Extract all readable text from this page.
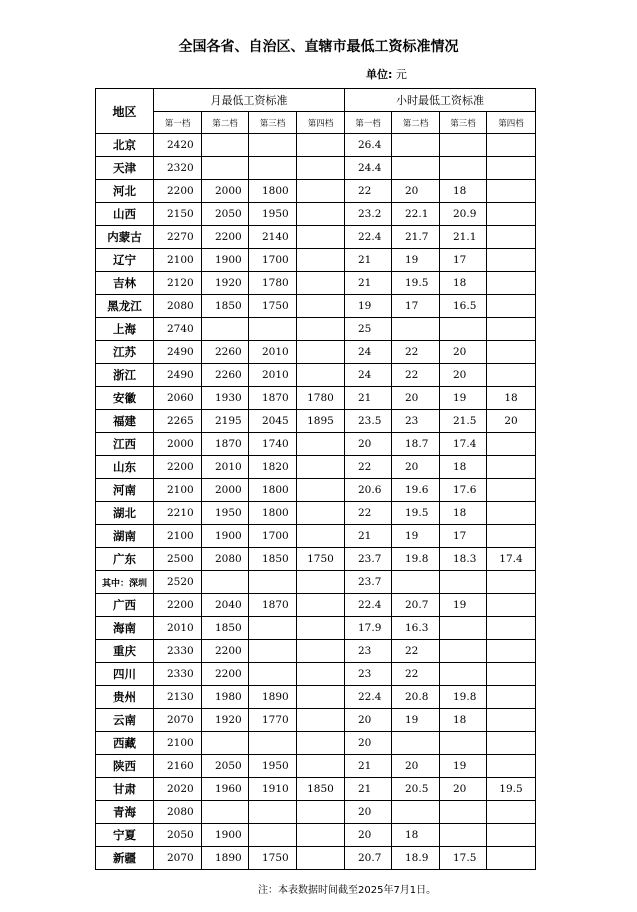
全国各省、自治区、直辖市最低工资标准情况
单位: 元
地区	月最低工资标准				小时最低工资标准			
	第一档	第二档	第三档	第四档	第一档	第二档	第三档	第四档
北京	2420				26.4			
天津	2320				24.4			
河北	2200	2000	1800		22	20	18	
山西	2150	2050	1950		23.2	22.1	20.9	
内蒙古	2270	2200	2140		22.4	21.7	21.1	
辽宁	2100	1900	1700		21	19	17	
吉林	2120	1920	1780		21	19.5	18	
黑龙江	2080	1850	1750		19	17	16.5	
上海	2740				25			
江苏	2490	2260	2010		24	22	20	
浙江	2490	2260	2010		24	22	20	
安徽	2060	1930	1870	1780	21	20	19	18
福建	2265	2195	2045	1895	23.5	23	21.5	20
江西	2000	1870	1740		20	18.7	17.4	
山东	2200	2010	1820		22	20	18	
河南	2100	2000	1800		20.6	19.6	17.6	
湖北	2210	1950	1800		22	19.5	18	
湖南	2100	1900	1700		21	19	17	
广东	2500	2080	1850	1750	23.7	19.8	18.3	17.4
其中：深圳	2520				23.7			
广西	2200	2040	1870		22.4	20.7	19	
海南	2010	1850			17.9	16.3		
重庆	2330	2200			23	22		
四川	2330	2200			23	22		
贵州	2130	1980	1890		22.4	20.8	19.8	
云南	2070	1920	1770		20	19	18	
西藏	2100				20			
陕西	2160	2050	1950		21	20	19	
甘肃	2020	1960	1910	1850	21	20.5	20	19.5
青海	2080				20			
宁夏	2050	1900			20	18		
新疆	2070	1890	1750		20.7	18.9	17.5	
注：本表数据时间截至2025年7月1日。
